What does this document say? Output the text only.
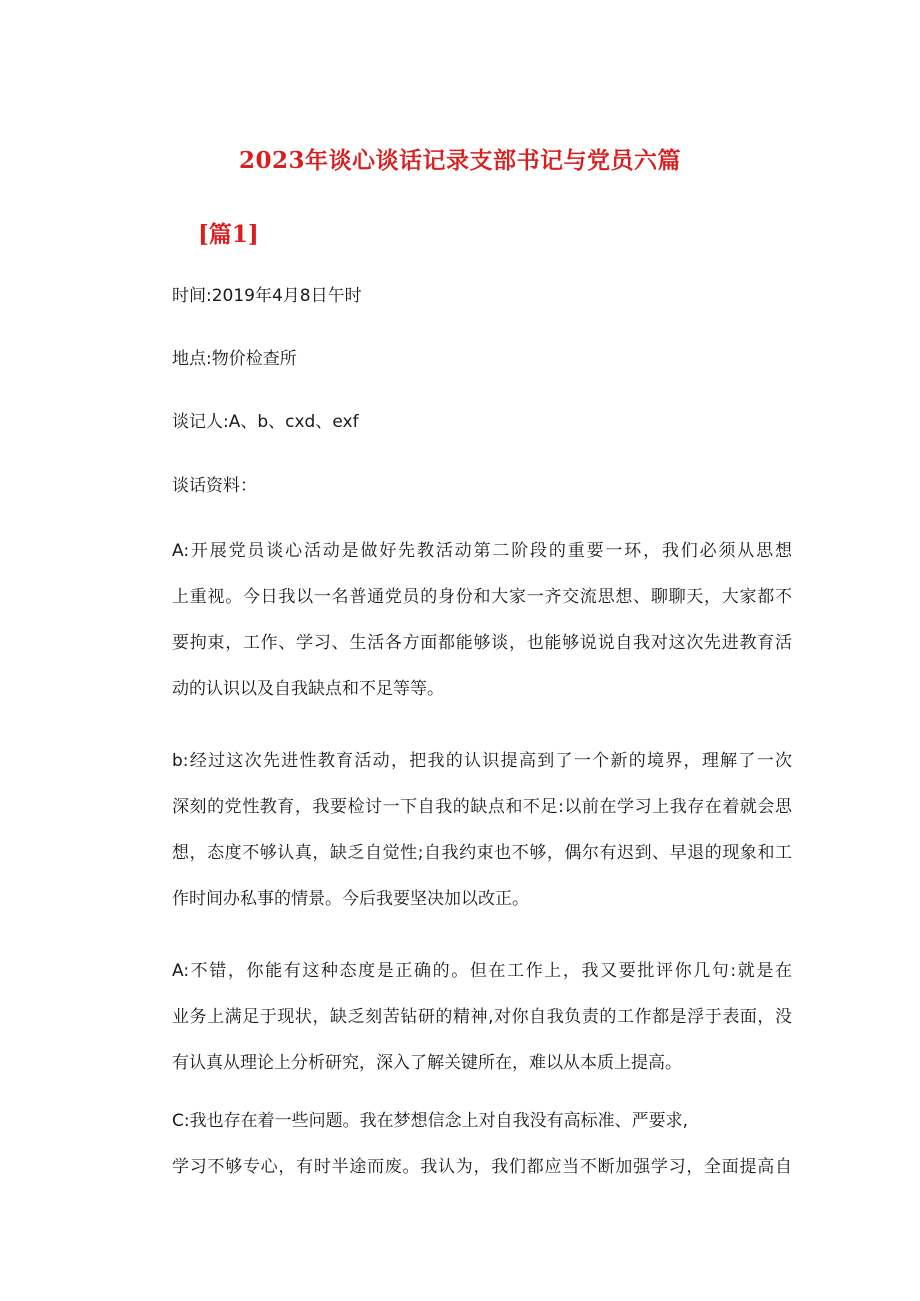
2023年谈心谈话记录支部书记与党员六篇
[篇1]
时间:2019年4月8日午时
地点:物价检查所
谈记人:A、b、cxd、exf
谈话资料：
A:开展党员谈心活动是做好先教活动第二阶段的重要一环，我们必须从思想
上重视。今日我以一名普通党员的身份和大家一齐交流思想、聊聊天，大家都不
要拘束，工作、学习、生活各方面都能够谈，也能够说说自我对这次先进教育活
动的认识以及自我缺点和不足等等。
b:经过这次先进性教育活动，把我的认识提高到了一个新的境界，理解了一次
深刻的党性教育，我要检讨一下自我的缺点和不足:以前在学习上我存在着就会思
想，态度不够认真，缺乏自觉性;自我约束也不够，偶尔有迟到、早退的现象和工
作时间办私事的情景。今后我要坚决加以改正。
A:不错，你能有这种态度是正确的。但在工作上，我又要批评你几句:就是在
业务上满足于现状，缺乏刻苦钻研的精神,对你自我负责的工作都是浮于表面，没
有认真从理论上分析研究，深入了解关键所在，难以从本质上提高。
C:我也存在着一些问题。我在梦想信念上对自我没有高标准、严要求,
学习不够专心，有时半途而废。我认为，我们都应当不断加强学习，全面提高自
